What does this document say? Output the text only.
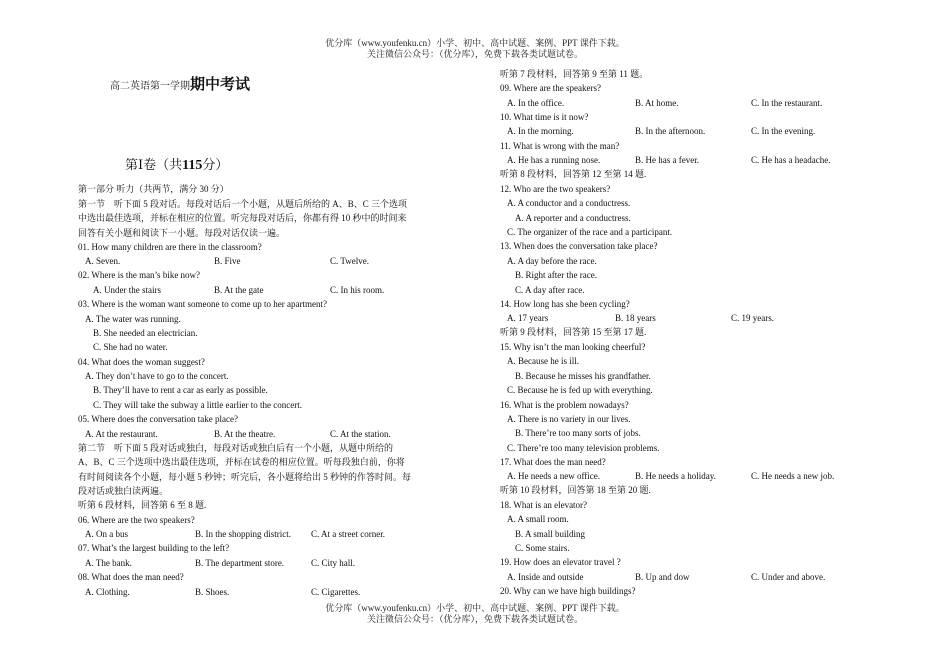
优分库（www.youfenku.cn）小学、初中、高中试题、案例、PPT 课件下载。
关注微信公众号：（优分库），免费下载各类试题试卷。
高二英语第一学期期中考试
第Ⅰ卷（共115分）
第一部分 听力（共两节，满分 30 分）
第一节　听下面 5 段对话。每段对话后一个小题，从题后所给的 A、B、C 三个选项
中选出最佳选项，并标在相应的位置。听完每段对话后，你都有得 10 秒中的时间来
回答有关小题和阅读下一小题。每段对话仅读一遍。
01. How many children are there in the classroom?
A. Seven.	B. Five	C. Twelve.
02. Where is the man’s bike now?
A. Under the stairs	B. At the gate	C. In his room.
03. Where is the woman want someone to come up to her apartment?
A. The water was running.
B. She needed an electrician.
C. She had no water.
04. What does the woman suggest?
A. They don’t have to go to the concert.
B. They’ll have to rent a car as early as possible.
C. They will take the subway a little earlier to the concert.
05. Where does the conversation take place?
A. At the restaurant.	B. At the theatre.	C. At the station.
第二节　听下面 5 段对话或独白，每段对话或独白后有一个小题，从题中所给的
A、B、C 三个选项中选出最佳选项，并标在试卷的相应位置。听每段独白前，你将
有时间阅读各个小题，每小题 5 秒钟；听完后，各小题将给出 5 秒钟的作答时间。每
段对话或独白读两遍。
听第 6 段材料，回答第 6 至 8 题.
06. Where are the two speakers?
A. On a bus	B. In the shopping district. C. At a street corner.
07. What’s the largest building to the left?
A. The bank.	B. The department store.	C. City hall.
08. What does the man need?
A. Clothing.	B. Shoes.	C. Cigarettes.
听第 7 段材料，回答第 9 至第 11 题。
09. Where are the speakers?
A. In the office.	B. At home.	C. In the restaurant.
10. What time is it now?
A. In the morning.	B. In the afternoon.	C. In the evening.
11. What is wrong with the man?
A. He has a running nose.	B. He has a fever.	C. He has a headache.
听第 8 段材料，回答第 12 至第 14 题.
12. Who are the two speakers?
A. A conductor and a conductress.
A. A reporter and a conductress.
C. The organizer of the race and a participant.
13. When does the conversation take place?
A. A day before the race.
B. Right after the race.
C. A day after race.
14. How long has she been cycling?
A. 17 years	B. 18 years	C. 19 years.
听第 9 段材料，回答第 15 至第 17 题.
15. Why isn’t the man looking cheerful?
A. Because he is ill.
B. Because he misses his grandfather.
C. Because he is fed up with everything.
16. What is the problem nowadays?
A. There is no variety in our lives.
B. There’re too many sorts of jobs.
C. There’re too many television problems.
17. What does the man need?
A. He needs a new office.	B. He needs a holiday.	C. He needs a new job.
听第 10 段材料，回答第 18 至第 20 题.
18. What is an elevator?
A. A small room.
B. A small building
C. Some stairs.
19. How does an elevator travel ?
A. Inside and outside	B. Up and dow	C. Under and above.
20. Why can we have high buildings?
优分库（www.youfenku.cn）小学、初中、高中试题、案例、PPT 课件下载。
关注微信公众号：（优分库），免费下载各类试题试卷。
